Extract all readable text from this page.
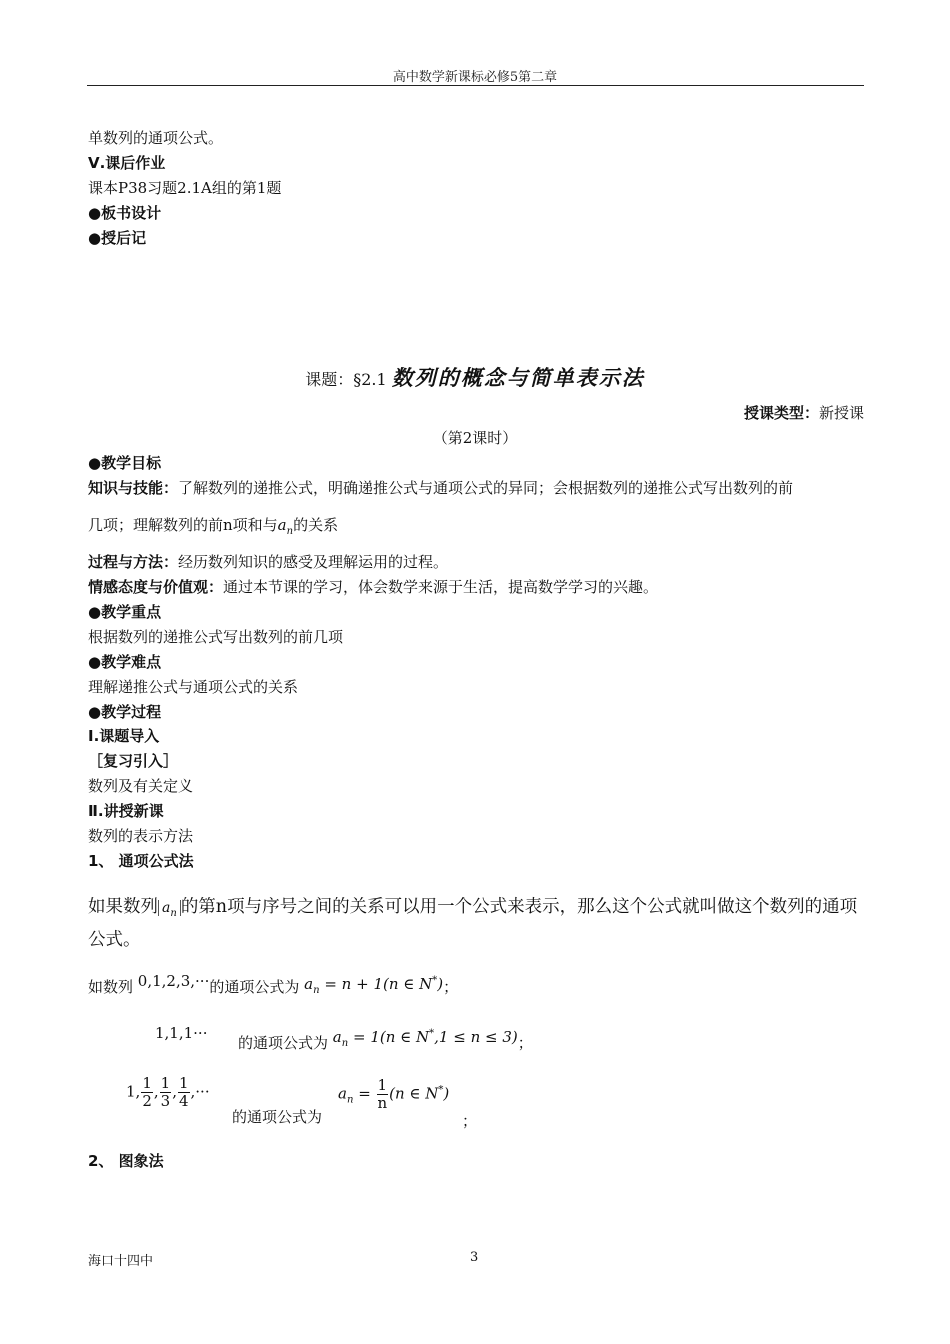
高中数学新课标必修5第二章
单数列的通项公式。
Ⅴ.课后作业
课本P38习题2.1A组的第1题
●板书设计
●授后记
课题：§2.1 数列的概念与简单表示法
授课类型：新授课
（第2课时）
●教学目标
知识与技能：了解数列的递推公式，明确递推公式与通项公式的异同；会根据数列的递推公式写出数列的前
几项；理解数列的前n项和与$a_n$的关系
过程与方法：经历数列知识的感受及理解运用的过程。
情感态度与价值观：通过本节课的学习，体会数学来源于生活，提高数学学习的兴趣。
●教学重点
根据数列的递推公式写出数列的前几项
●教学难点
理解递推公式与通项公式的关系
●教学过程
Ⅰ.课题导入
［复习引入］
数列及有关定义
Ⅱ.讲授新课
数列的表示方法
1、 通项公式法
如果数列 $a_n$ 的第n项与序号之间的关系可以用一个公式来表示，那么这个公式就叫做这个数列的通项公式。
如数列 0,1,2,3,···的通项公式为 $a_n = n + 1(n$ ∈ N*)；
1,1,1···
的通项公式为 $a_n = 1(n$ ∈ N*,1 ≤ n ≤ 3)；
1, $\frac{1}{2}$ , $\frac{1}{3}$ , $\frac{1}{4}$ ,···
的通项公式为
$a_n = \frac{1}{n} (n$ ∈ N*)
；
2、 图象法
海口十四中	3
